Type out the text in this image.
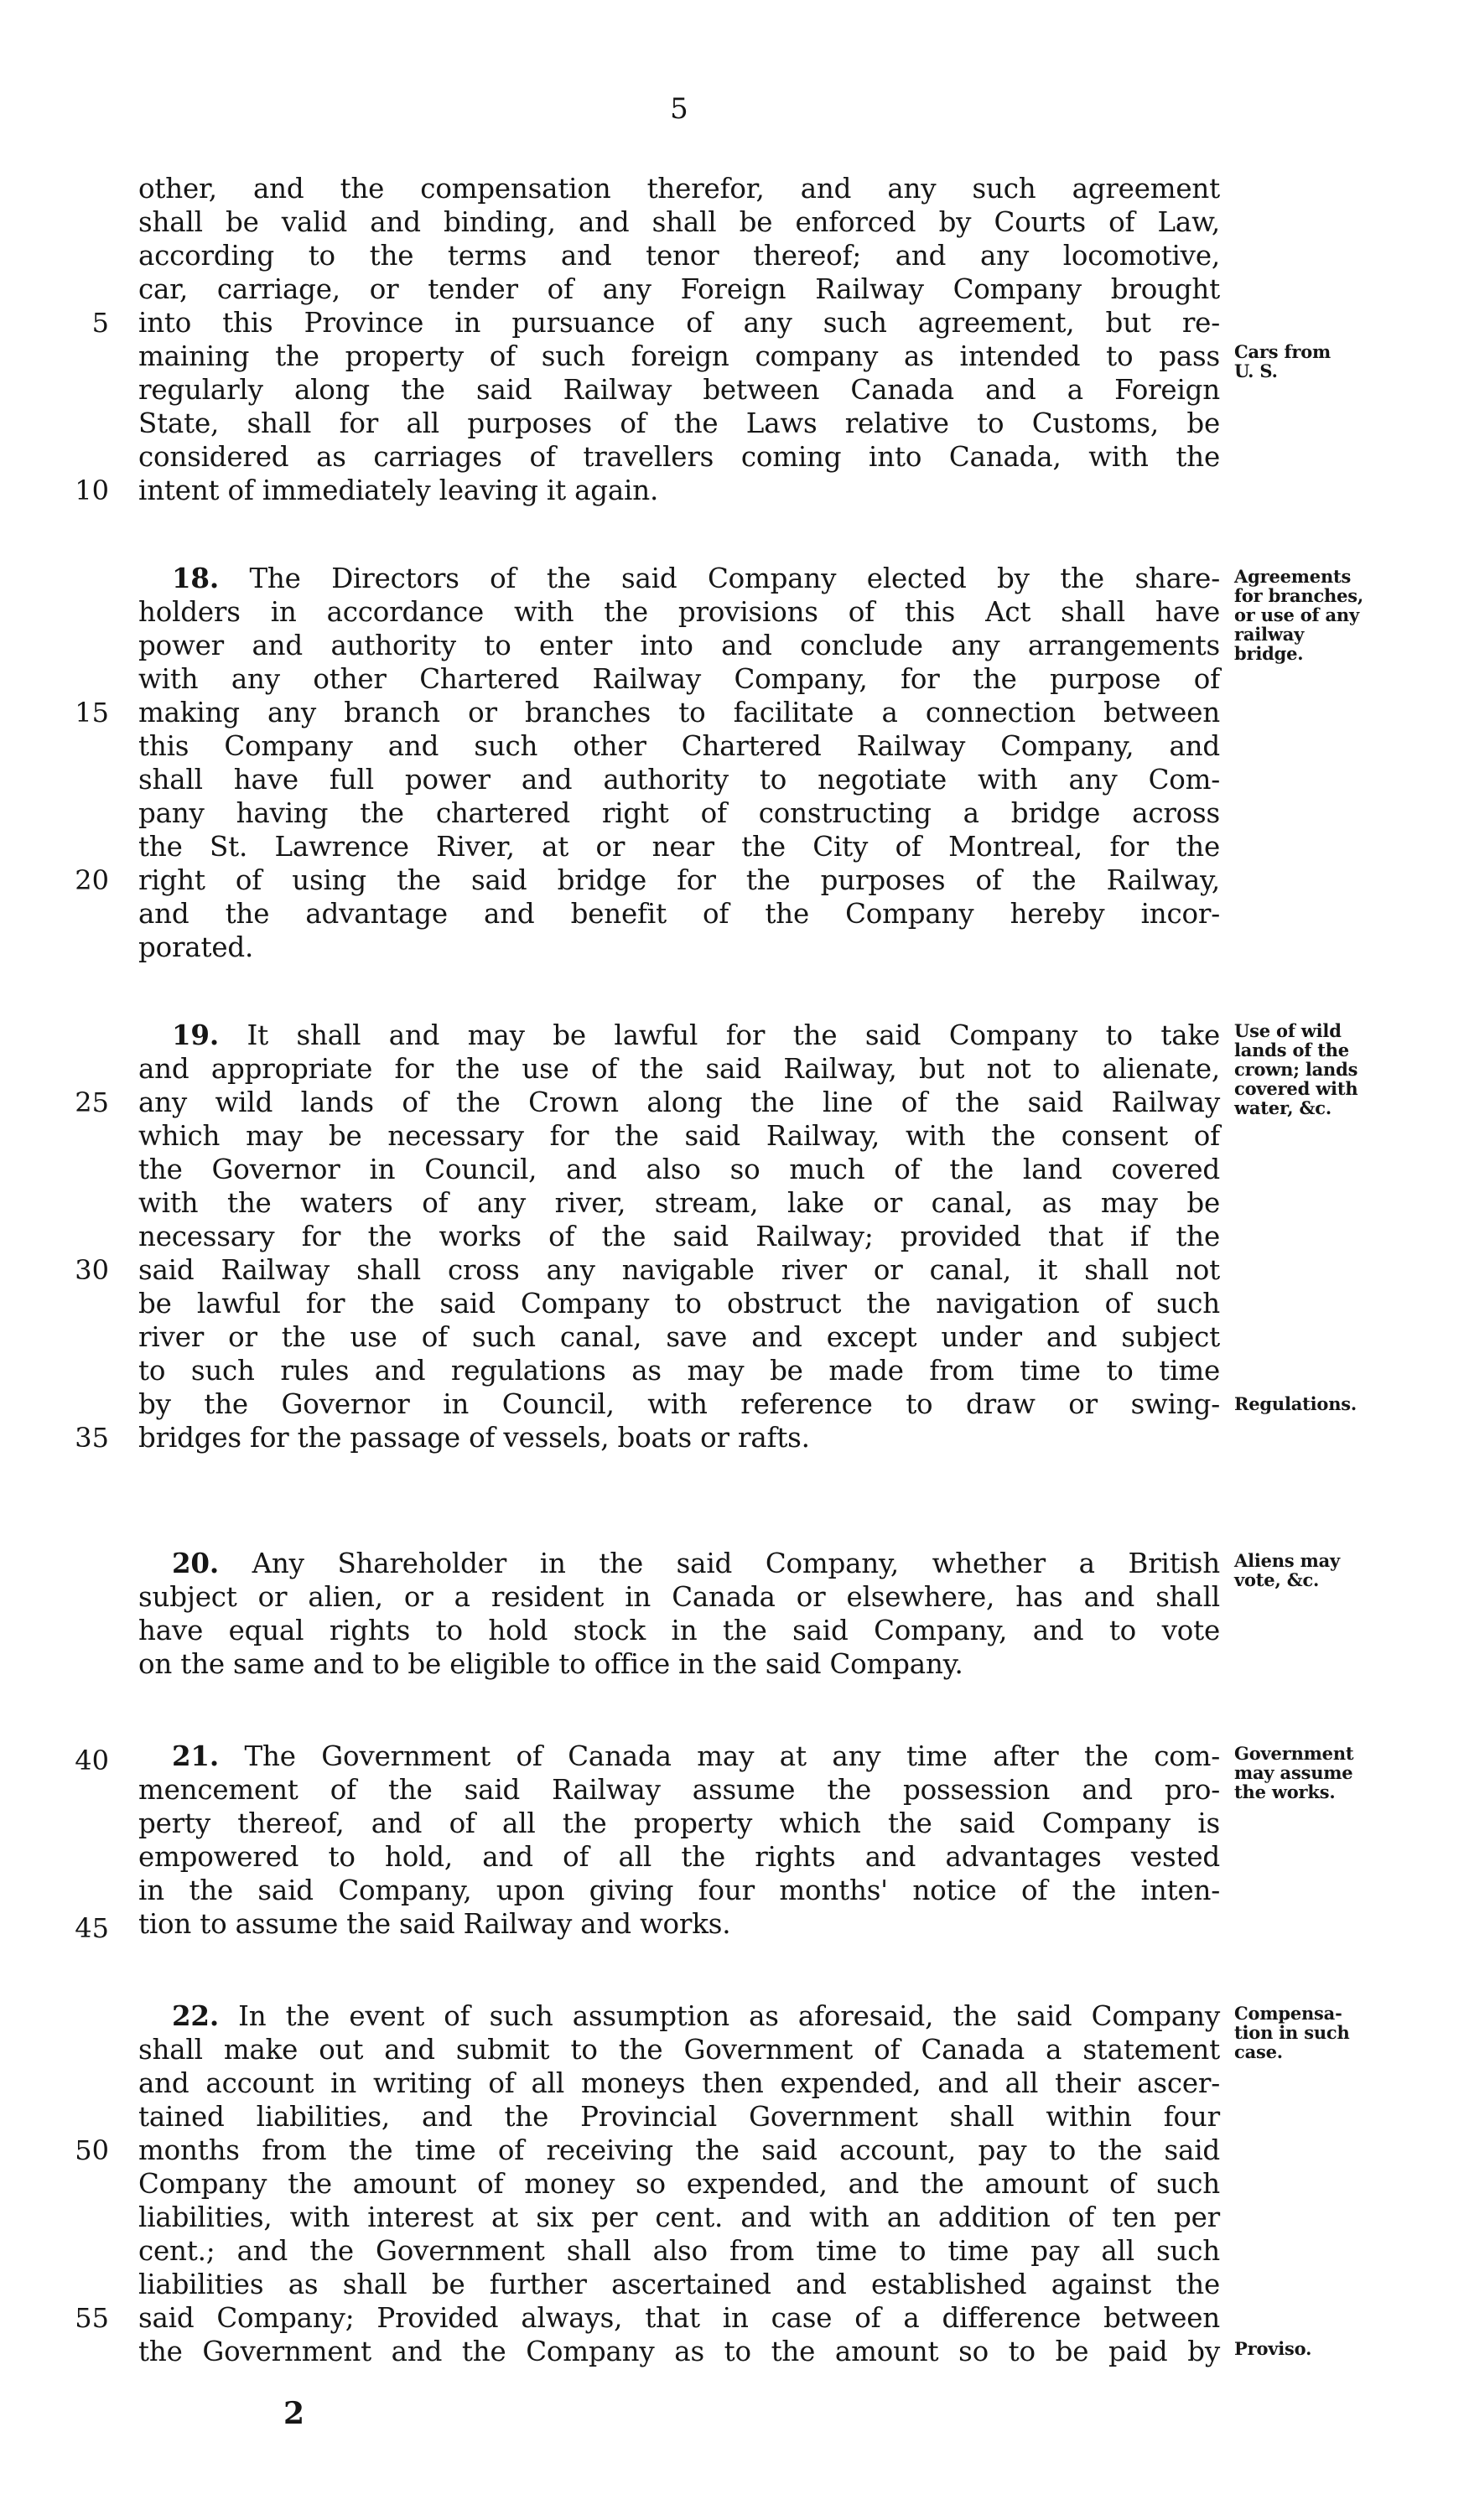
5
other, and the compensation therefor, and any such agreement
shall be valid and binding, and shall be enforced by Courts of Law,
according to the terms and tenor thereof; and any locomotive,
car, carriage, or tender of any Foreign Railway Company brought
into this Province in pursuance of any such agreement, but re-
maining the property of such foreign company as intended to pass
regularly along the said Railway between Canada and a Foreign
State, shall for all purposes of the Laws relative to Customs, be
considered as carriages of travellers coming into Canada, with the
intent of immediately leaving it again.
5
10
Cars from
U. S.
18. The Directors of the said Company elected by the share-
holders in accordance with the provisions of this Act shall have
power and authority to enter into and conclude any arrangements
with any other Chartered Railway Company, for the purpose of
making any branch or branches to facilitate a connection between
this Company and such other Chartered Railway Company, and
shall have full power and authority to negotiate with any Com-
pany having the chartered right of constructing a bridge across
the St. Lawrence River, at or near the City of Montreal, for the
right of using the said bridge for the purposes of the Railway,
and the advantage and benefit of the Company hereby incor-
porated.
15
20
Agreements
for branches,
or use of any
railway
bridge.
19. It shall and may be lawful for the said Company to take
and appropriate for the use of the said Railway, but not to alienate,
any wild lands of the Crown along the line of the said Railway
which may be necessary for the said Railway, with the consent of
the Governor in Council, and also so much of the land covered
with the waters of any river, stream, lake or canal, as may be
necessary for the works of the said Railway; provided that if the
said Railway shall cross any navigable river or canal, it shall not
be lawful for the said Company to obstruct the navigation of such
river or the use of such canal, save and except under and subject
to such rules and regulations as may be made from time to time
by the Governor in Council, with reference to draw or swing-
bridges for the passage of vessels, boats or rafts.
25
30
35
Use of wild
lands of the
crown; lands
covered with
water, &c.
Regulations.
20. Any Shareholder in the said Company, whether a British
subject or alien, or a resident in Canada or elsewhere, has and shall
have equal rights to hold stock in the said Company, and to vote
on the same and to be eligible to office in the said Company.
Aliens may
vote, &c.
21. The Government of Canada may at any time after the com-
mencement of the said Railway assume the possession and pro-
perty thereof, and of all the property which the said Company is
empowered to hold, and of all the rights and advantages vested
in the said Company, upon giving four months' notice of the inten-
tion to assume the said Railway and works.
40
45
Government
may assume
the works.
22. In the event of such assumption as aforesaid, the said Company
shall make out and submit to the Government of Canada a statement
and account in writing of all moneys then expended, and all their ascer-
tained liabilities, and the Provincial Government shall within four
months from the time of receiving the said account, pay to the said
Company the amount of money so expended, and the amount of such
liabilities, with interest at six per cent. and with an addition of ten per
cent.; and the Government shall also from time to time pay all such
liabilities as shall be further ascertained and established against the
said Company; Provided always, that in case of a difference between
the Government and the Company as to the amount so to be paid by
50
55
Compensa-
tion in such
case.
Proviso.
2
